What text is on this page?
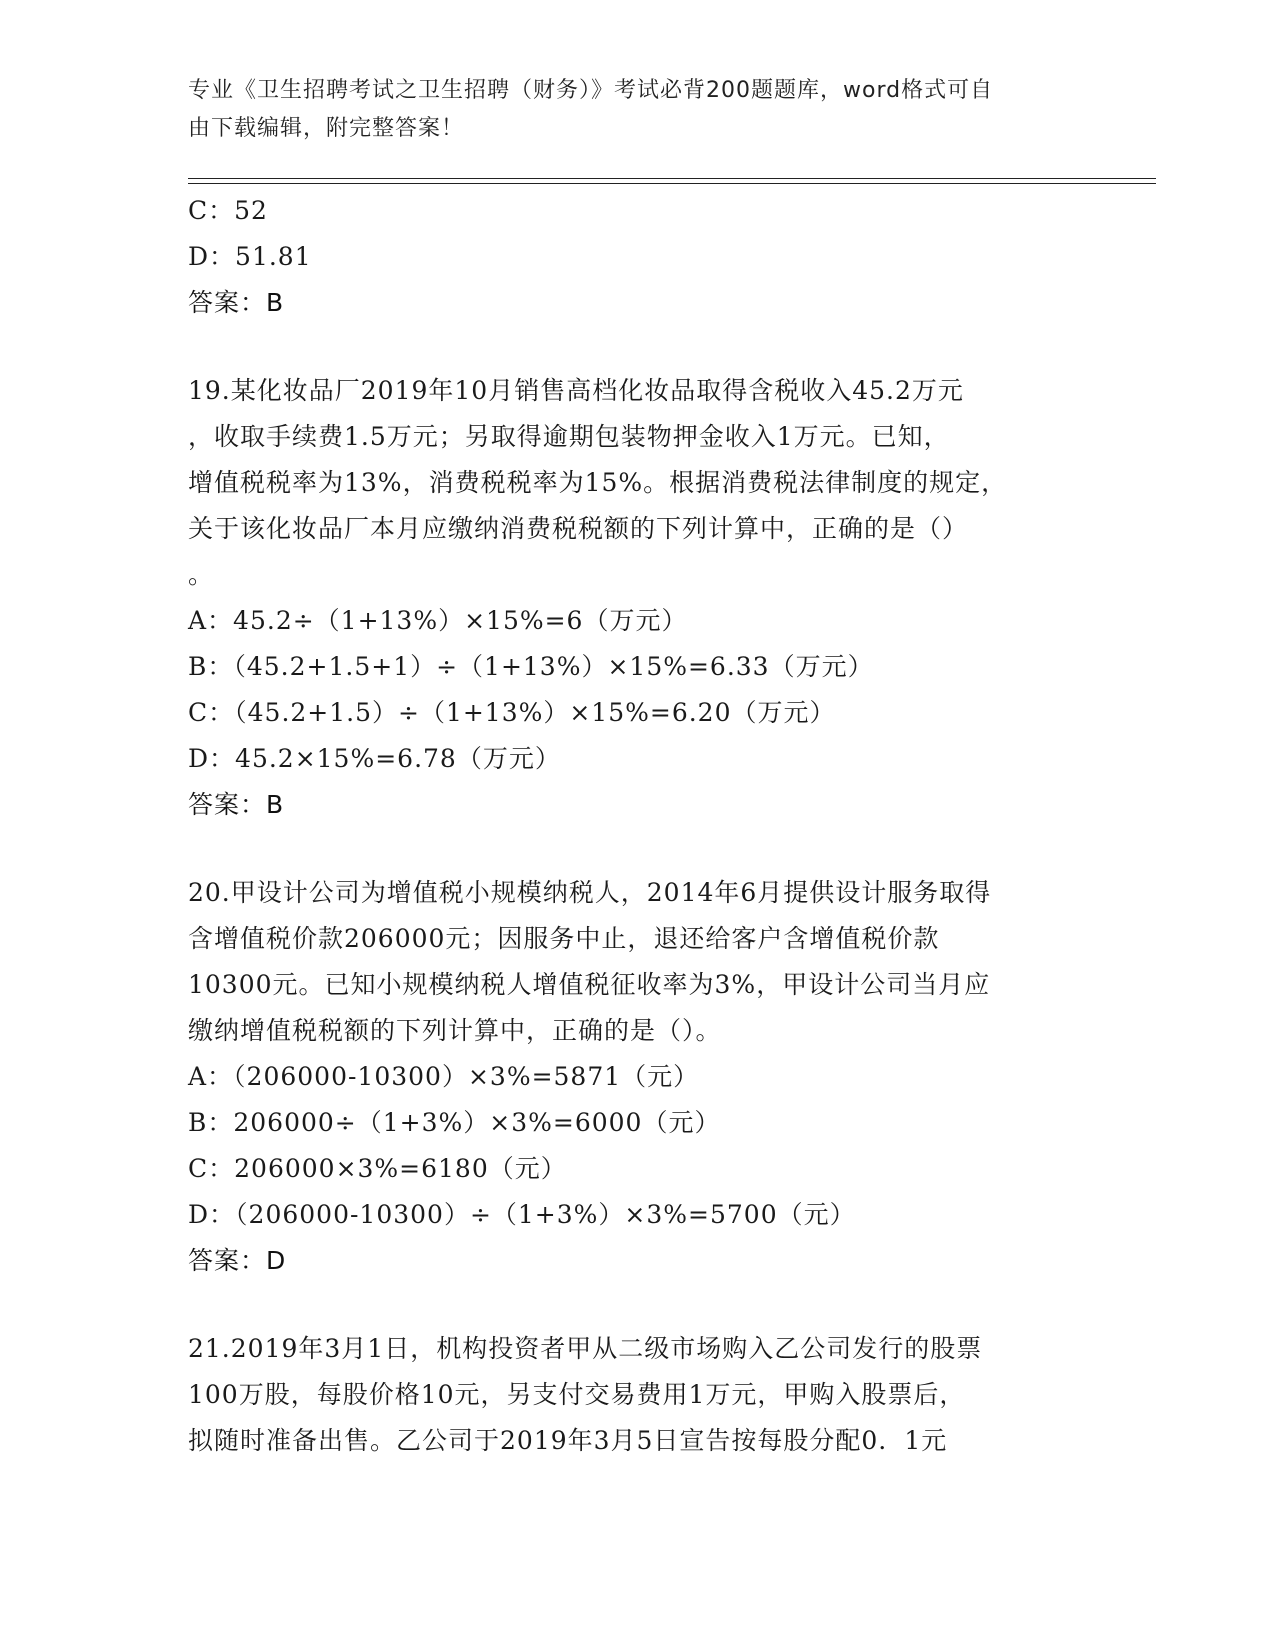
专业《卫生招聘考试之卫生招聘（财务）》考试必背200题题库，word格式可自
由下载编辑，附完整答案！
C：52
D：51.81
答案：B
19.某化妆品厂2019年10月销售高档化妆品取得含税收入45.2万元
，收取手续费1.5万元；另取得逾期包装物押金收入1万元。已知，
增值税税率为13%，消费税税率为15%。根据消费税法律制度的规定，
关于该化妆品厂本月应缴纳消费税税额的下列计算中，正确的是（）
。
A：45.2÷（1+13%）×15%=6（万元）
B：（45.2+1.5+1）÷（1+13%）×15%=6.33（万元）
C：（45.2+1.5）÷（1+13%）×15%=6.20（万元）
D：45.2×15%=6.78（万元）
答案：B
20.甲设计公司为增值税小规模纳税人，2014年6月提供设计服务取得
含增值税价款206000元；因服务中止，退还给客户含增值税价款
10300元。已知小规模纳税人增值税征收率为3%，甲设计公司当月应
缴纳增值税税额的下列计算中，正确的是（）。
A：（206000-10300）×3%=5871（元）
B：206000÷（1+3%）×3%=6000（元）
C：206000×3%=6180（元）
D：（206000-10300）÷（1+3%）×3%=5700（元）
答案：D
21.2019年3月1日，机构投资者甲从二级市场购入乙公司发行的股票
100万股，每股价格10元，另支付交易费用1万元，甲购入股票后，
拟随时准备出售。乙公司于2019年3月5日宣告按每股分配0．1元
